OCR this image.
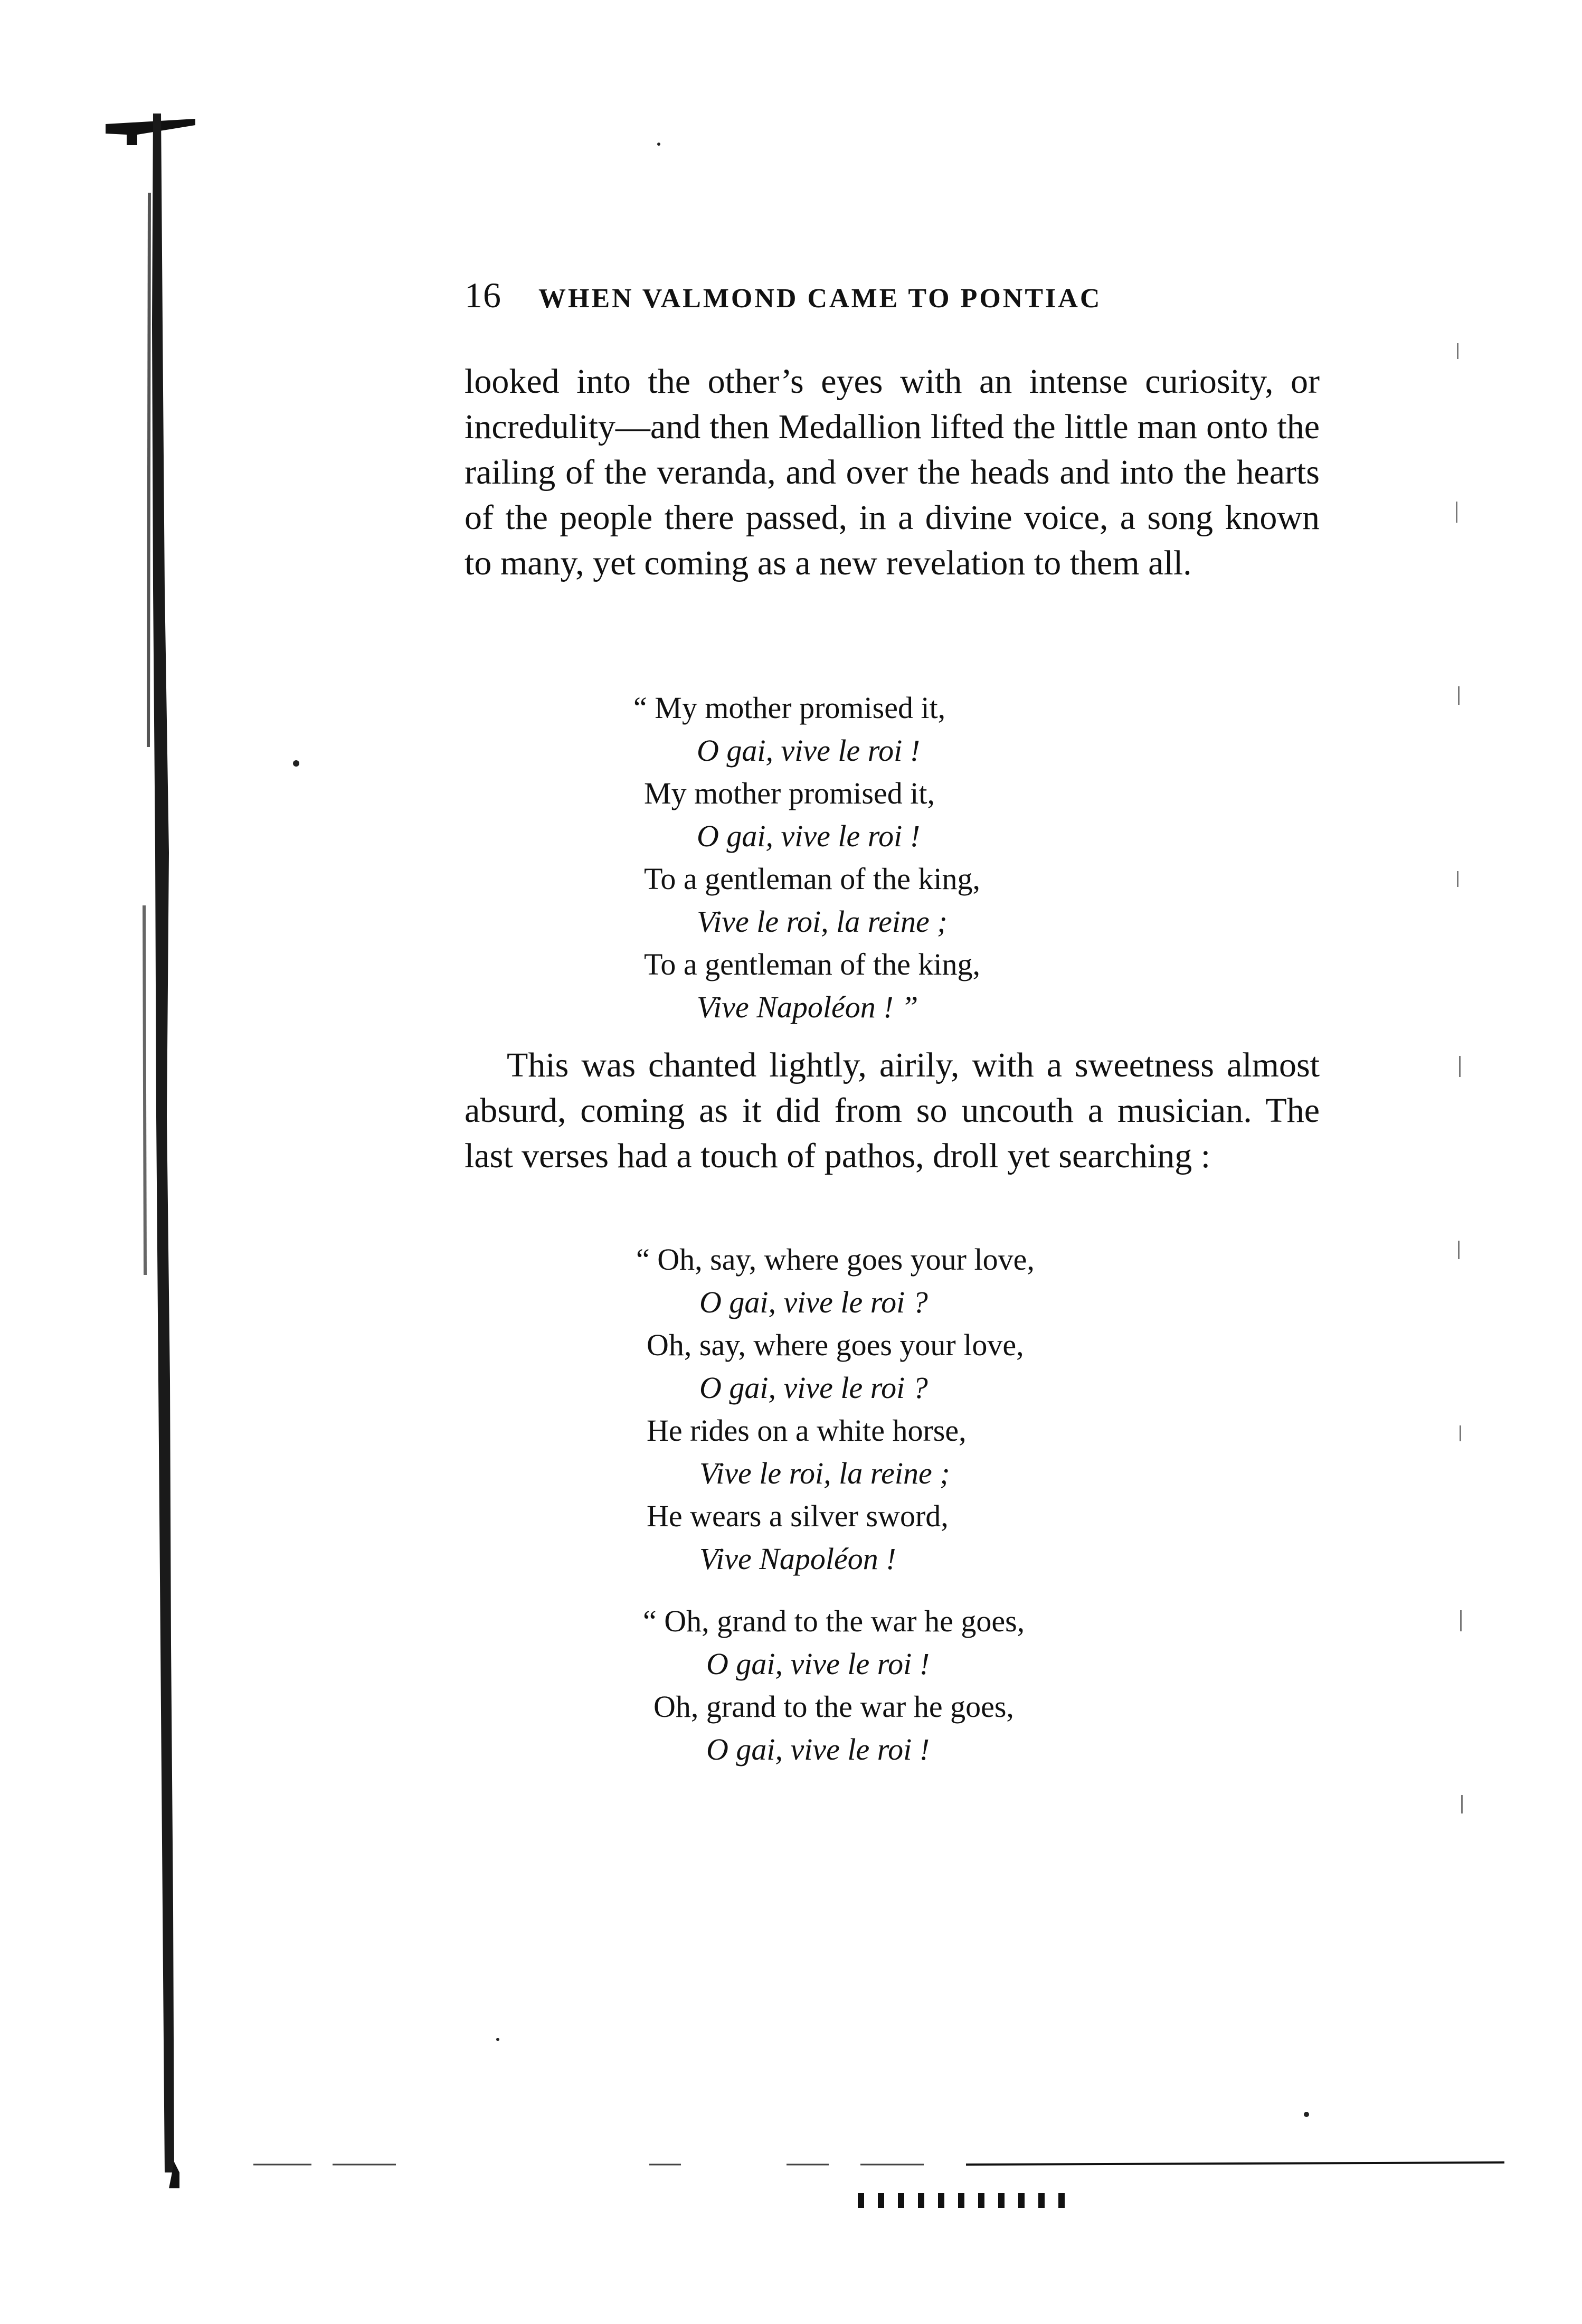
16 WHEN VALMOND CAME TO PONTIAC

looked into the other’s eyes with an intense curiosity, or incredulity—and then Medallion lifted the little man onto the railing of the veranda, and over the heads and into the hearts of the people there passed, in a divine voice, a song known to many, yet coming as a new revelation to them all.

“ My mother promised it,
O gai, vive le roi !
My mother promised it,
O gai, vive le roi !
To a gentleman of the king,
Vive le roi, la reine ;
To a gentleman of the king,
Vive Napoléon ! ”

This was chanted lightly, airily, with a sweetness almost absurd, coming as it did from so uncouth a musician. The last verses had a touch of pathos, droll yet searching :

“ Oh, say, where goes your love,
O gai, vive le roi ?
Oh, say, where goes your love,
O gai, vive le roi ?
He rides on a white horse,
Vive le roi, la reine ;
He wears a silver sword,
Vive Napoléon !
“ Oh, grand to the war he goes,
O gai, vive le roi !
Oh, grand to the war he goes,
O gai, vive le roi !
